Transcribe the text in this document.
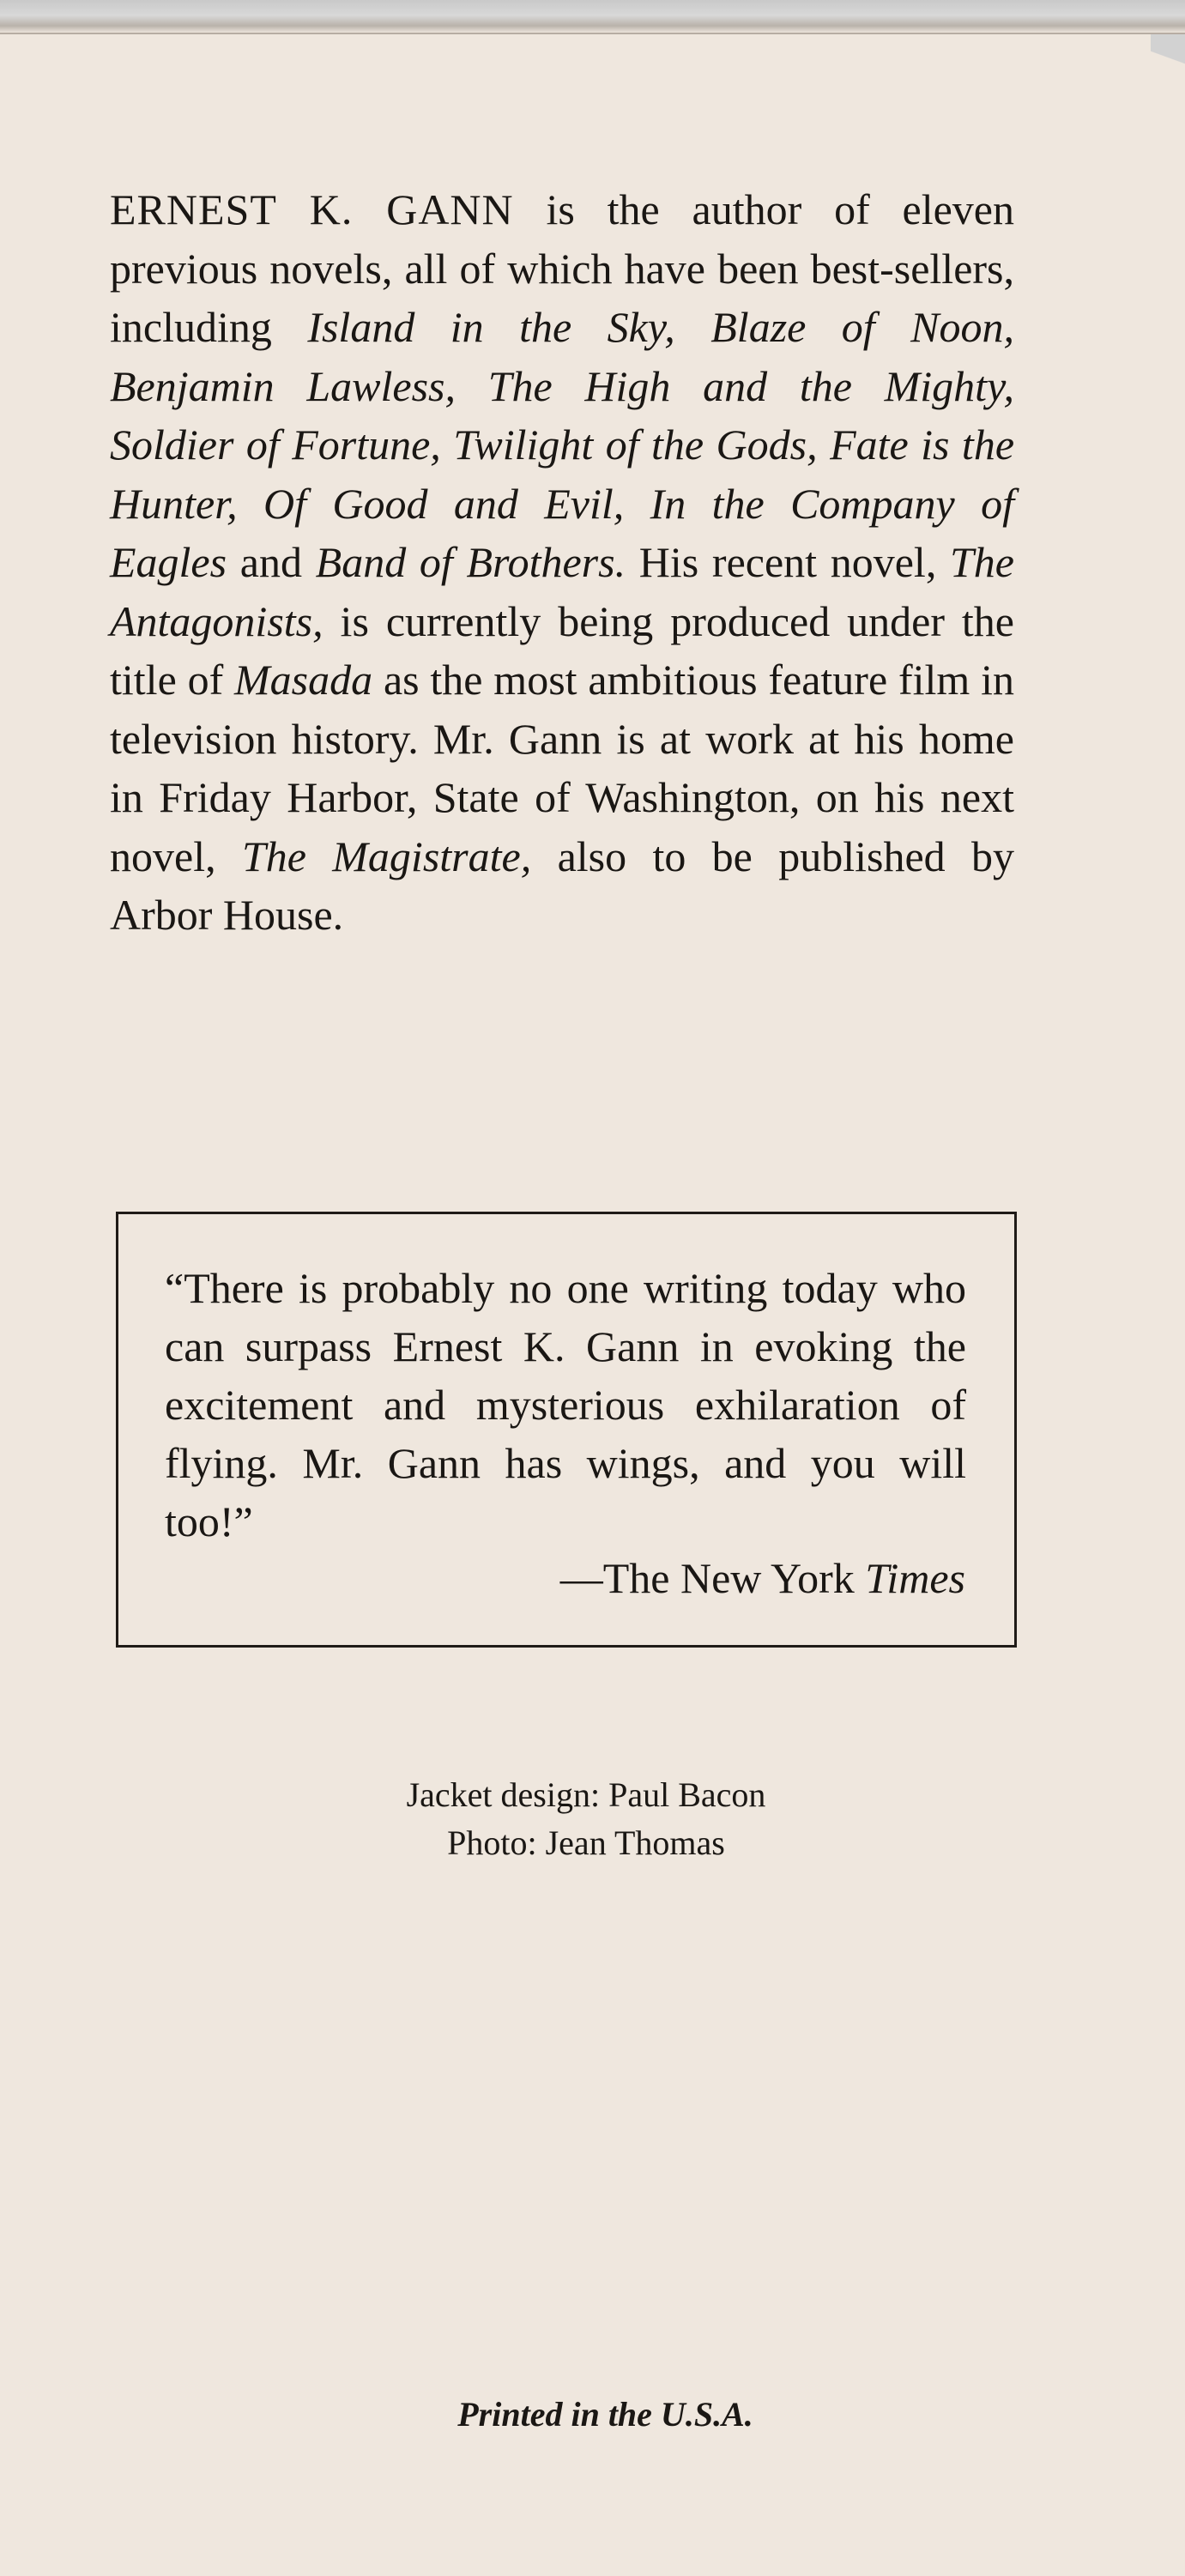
ERNEST K. GANN is the author of eleven previous novels, all of which have been best-sellers, including Island in the Sky, Blaze of Noon, Benjamin Lawless, The High and the Mighty, Soldier of Fortune, Twilight of the Gods, Fate is the Hunter, Of Good and Evil, In the Company of Eagles and Band of Brothers. His recent novel, The Antagonists, is currently being produced under the title of Masada as the most ambitious feature film in television history. Mr. Gann is at work at his home in Friday Harbor, State of Washington, on his next novel, The Magistrate, also to be published by Arbor House.

“There is probably no one writing today who can surpass Ernest K. Gann in evoking the excitement and mysterious exhilaration of flying. Mr. Gann has wings, and you will too!”

—The New York Times

Jacket design: Paul Bacon
Photo: Jean Thomas
Printed in the U.S.A.
